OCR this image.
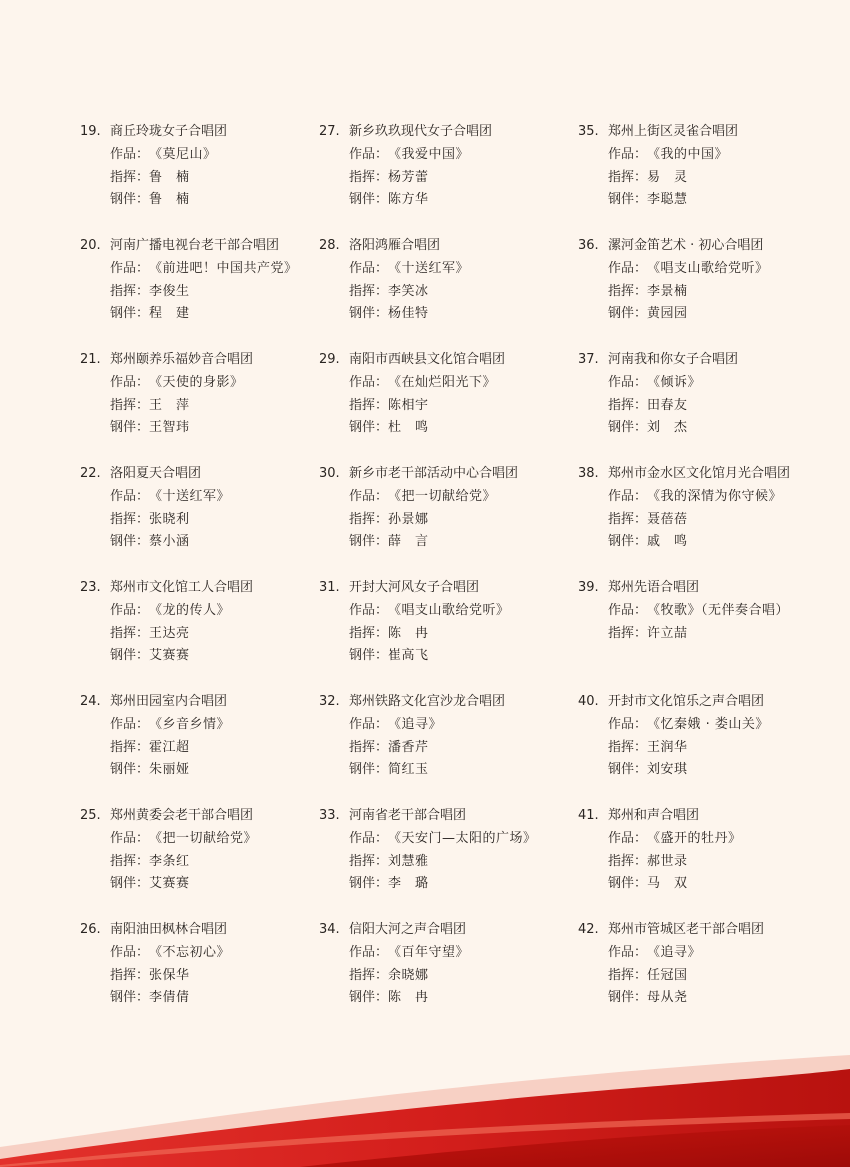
19. 商丘玲珑女子合唱团
作品：《莫尼山》
指挥：鲁　楠
钢伴：鲁　楠
20. 河南广播电视台老干部合唱团
作品：《前进吧！中国共产党》
指挥：李俊生
钢伴：程　建
21. 郑州颐养乐福妙音合唱团
作品：《天使的身影》
指挥：王　萍
钢伴：王智玮
22. 洛阳夏天合唱团
作品：《十送红军》
指挥：张晓利
钢伴：蔡小涵
23. 郑州市文化馆工人合唱团
作品：《龙的传人》
指挥：王达亮
钢伴：艾赛赛
24. 郑州田园室内合唱团
作品：《乡音乡情》
指挥：霍江超
钢伴：朱丽娅
25. 郑州黄委会老干部合唱团
作品：《把一切献给党》
指挥：李条红
钢伴：艾赛赛
26. 南阳油田枫林合唱团
作品：《不忘初心》
指挥：张保华
钢伴：李倩倩
27. 新乡玖玖现代女子合唱团
作品：《我爱中国》
指挥：杨芳蕾
钢伴：陈方华
28. 洛阳鸿雁合唱团
作品：《十送红军》
指挥：李笑冰
钢伴：杨佳特
29. 南阳市西峡县文化馆合唱团
作品：《在灿烂阳光下》
指挥：陈相宇
钢伴：杜　鸣
30. 新乡市老干部活动中心合唱团
作品：《把一切献给党》
指挥：孙景娜
钢伴：薛　言
31. 开封大河风女子合唱团
作品：《唱支山歌给党听》
指挥：陈　冉
钢伴：崔高飞
32. 郑州铁路文化宫沙龙合唱团
作品：《追寻》
指挥：潘香芹
钢伴：简红玉
33. 河南省老干部合唱团
作品：《天安门—太阳的广场》
指挥：刘慧雅
钢伴：李　璐
34. 信阳大河之声合唱团
作品：《百年守望》
指挥：余晓娜
钢伴：陈　冉
35. 郑州上街区灵雀合唱团
作品：《我的中国》
指挥：易　灵
钢伴：李聪慧
36. 漯河金笛艺术 · 初心合唱团
作品：《唱支山歌给党听》
指挥：李景楠
钢伴：黄园园
37. 河南我和你女子合唱团
作品：《倾诉》
指挥：田春友
钢伴：刘　杰
38. 郑州市金水区文化馆月光合唱团
作品：《我的深情为你守候》
指挥：聂蓓蓓
钢伴：戚　鸣
39. 郑州先语合唱团
作品：《牧歌》（无伴奏合唱）
指挥：许立喆
40. 开封市文化馆乐之声合唱团
作品：《忆秦娥 · 娄山关》
指挥：王润华
钢伴：刘安琪
41. 郑州和声合唱团
作品：《盛开的牡丹》
指挥：郝世录
钢伴：马　双
42. 郑州市管城区老干部合唱团
作品：《追寻》
指挥：任冠国
钢伴：母从尧
